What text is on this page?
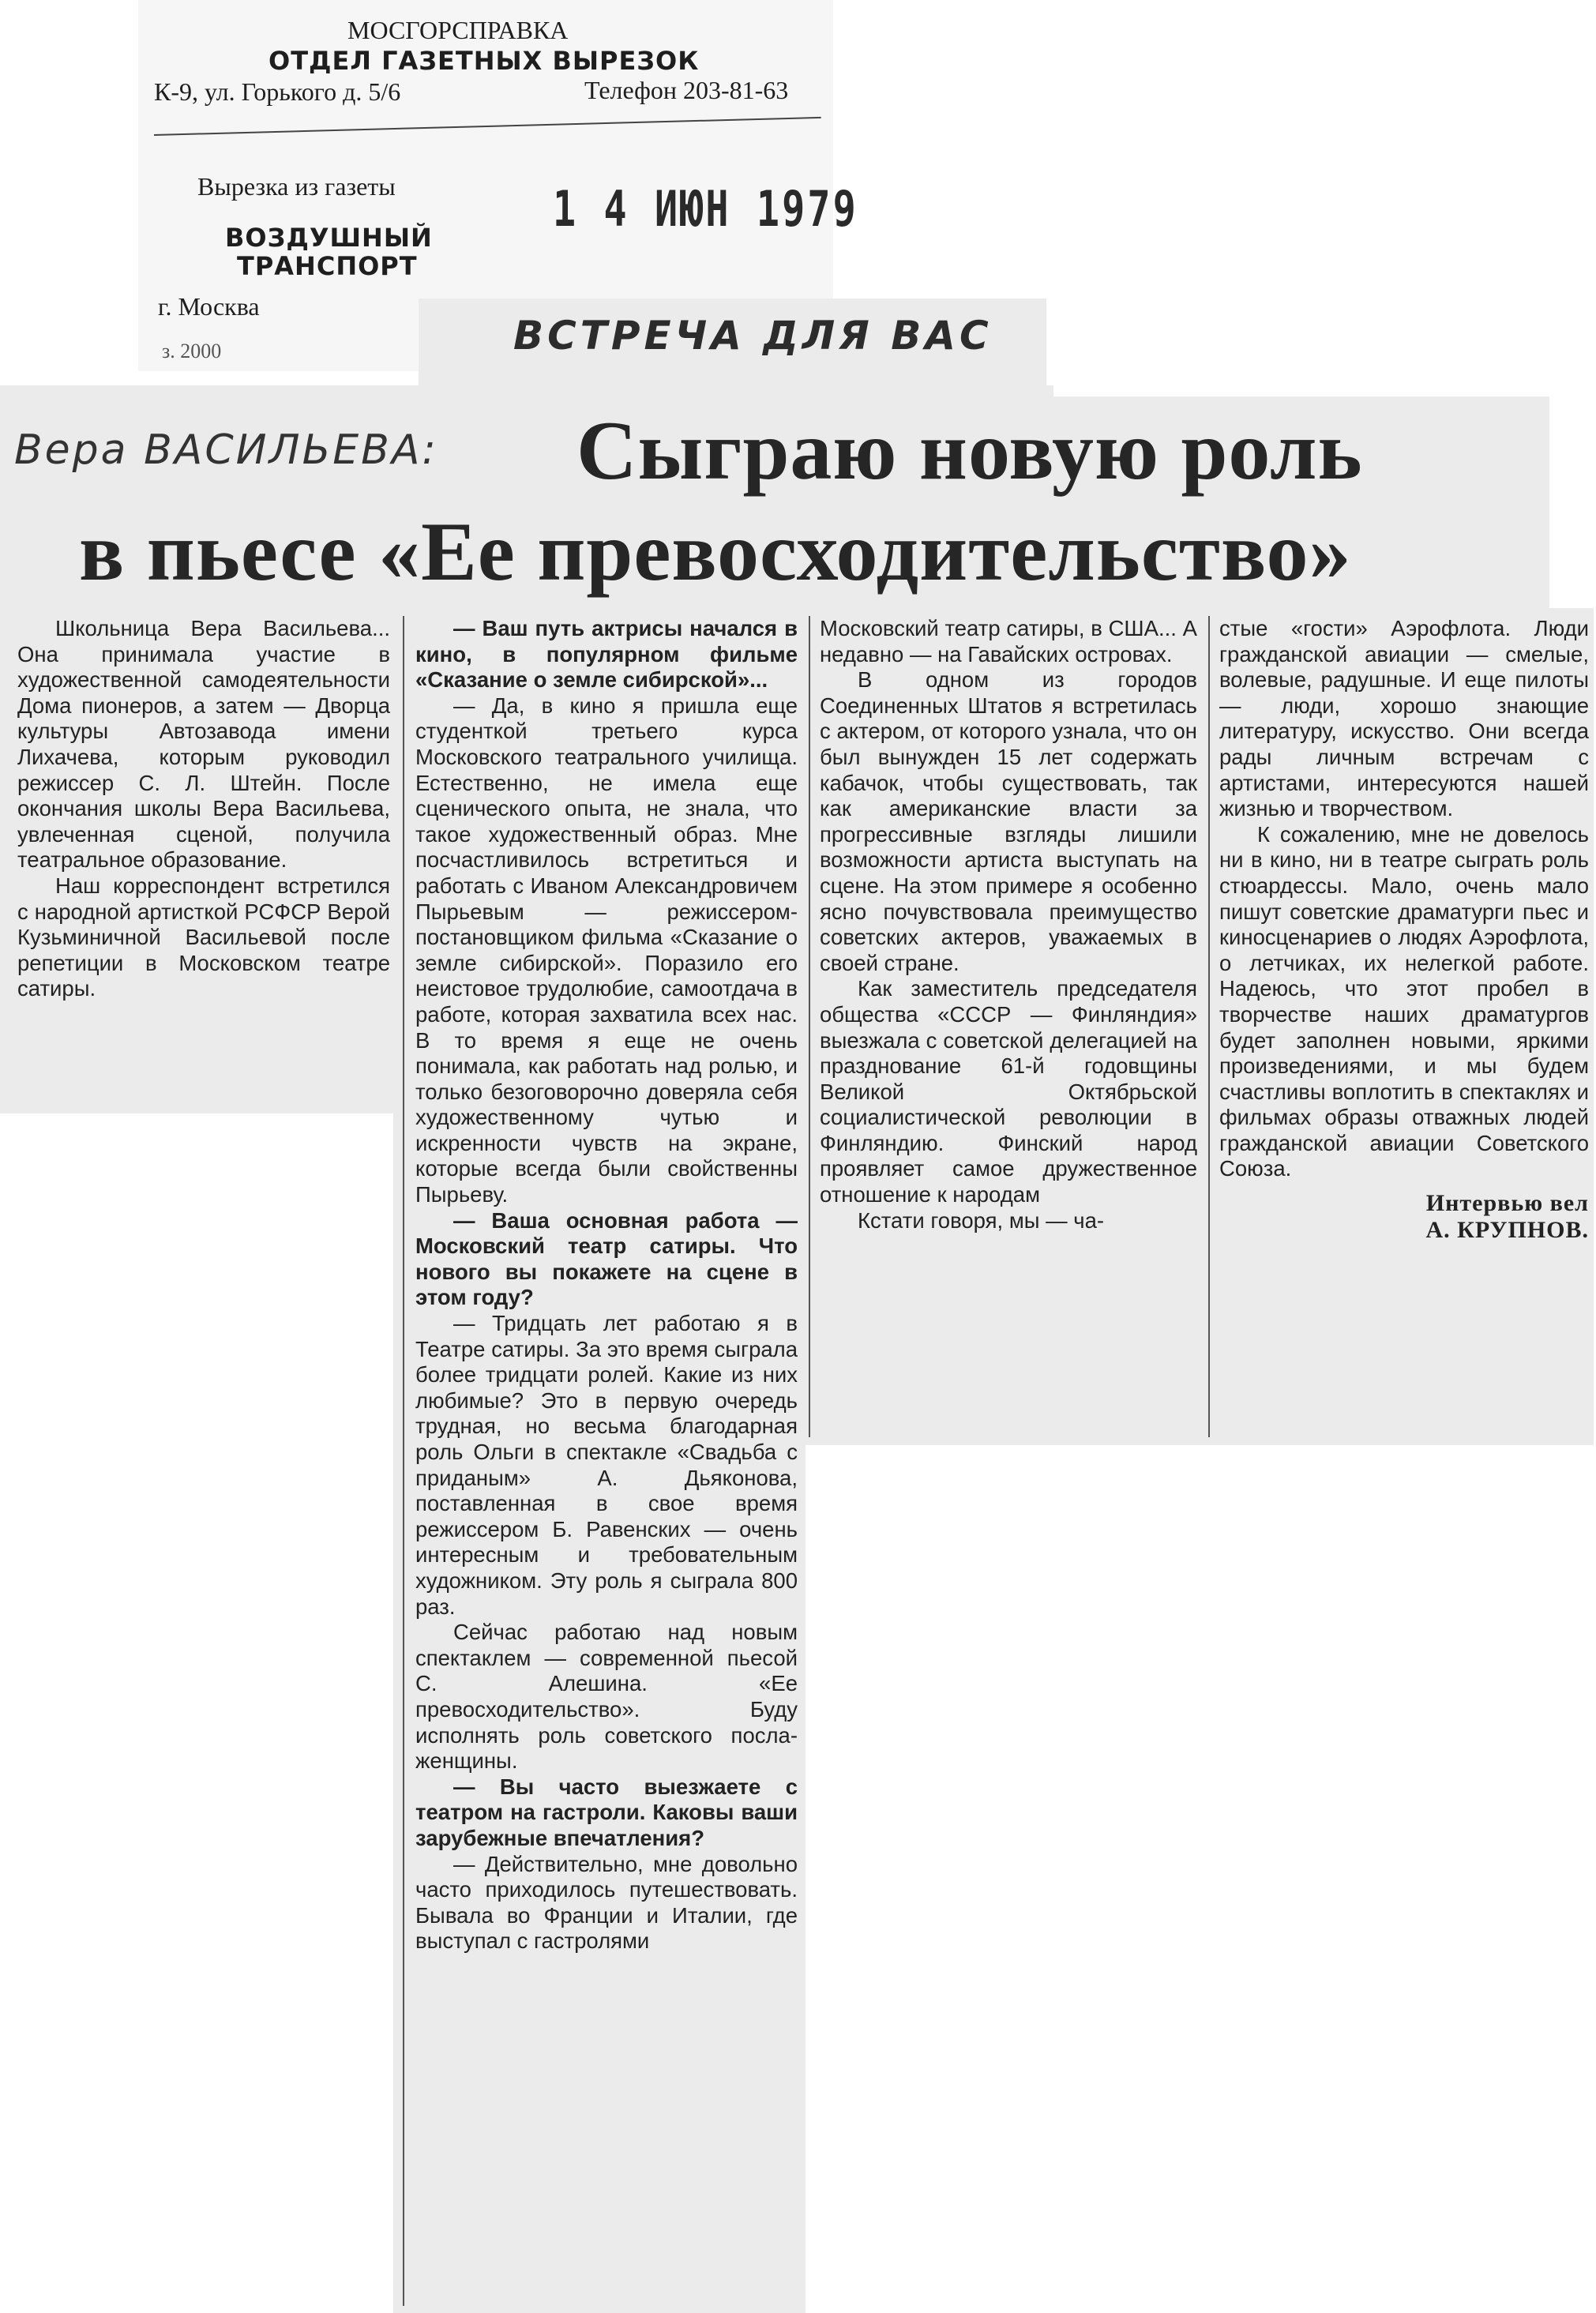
МОСГОРСПРАВКА
ОТДЕЛ ГАЗЕТНЫХ ВЫРЕЗОК
К-9, ул. Горького д. 5/6	Телефон 203-81-63
Вырезка из газеты
ВОЗДУШНЫЙ
ТРАНСПОРТ
г. Москва
з. 2000
1 4 ИЮН 1979
ВСТРЕЧА ДЛЯ ВАС
Вера ВАСИЛЬЕВА: Сыграю новую роль
в пьесе «Ее превосходительство»

Школьница Вера Васильева... Она принимала участие в художественной самодеятельности Дома пионеров, а затем — Дворца культуры Автозавода имени Лихачева, которым руководил режиссер С. Л. Штейн. После окончания школы Вера Васильева, увлеченная сценой, получила театральное образование.

Наш корреспондент встретился с народной артисткой РСФСР Верой Кузьминичной Васильевой после репетиции в Московском театре сатиры.

— Ваш путь актрисы начался в кино, в популярном фильме «Сказание о земле сибирской»...

— Да, в кино я пришла еще студенткой третьего курса Московского театрального училища. Естественно, не имела еще сценического опыта, не знала, что такое художественный образ. Мне посчастливилось встретиться и работать с Иваном Александровичем Пырьевым — режиссером-постановщиком фильма «Сказание о земле сибирской». Поразило его неистовое трудолюбие, самоотдача в работе, которая захватила всех нас. В то время я еще не очень понимала, как работать над ролью, и только безоговорочно доверяла себя художественному чутью и искренности чувств на экране, которые всегда были свойственны Пырьеву.

— Ваша основная работа — Московский театр сатиры. Что нового вы покажете на сцене в этом году?

— Тридцать лет работаю я в Театре сатиры. За это время сыграла более тридцати ролей. Какие из них любимые? Это в первую очередь трудная, но весьма благодарная роль Ольги в спектакле «Свадьба с приданым» А. Дьяконова, поставленная в свое время режиссером Б. Равенских — очень интересным и требовательным художником. Эту роль я сыграла 800 раз.

Сейчас работаю над новым спектаклем — современной пьесой С. Алешина. «Ее превосходительство». Буду исполнять роль советского посла-женщины.

— Вы часто выезжаете с театром на гастроли. Каковы ваши зарубежные впечатления?

— Действительно, мне довольно часто приходилось путешествовать. Бывала во Франции и Италии, где выступал с гастролями

Московский театр сатиры, в США... А недавно — на Гавайских островах.

В одном из городов Соединенных Штатов я встретилась с актером, от которого узнала, что он был вынужден 15 лет содержать кабачок, чтобы существовать, так как американские власти за прогрессивные взгляды лишили возможности артиста выступать на сцене. На этом примере я особенно ясно почувствовала преимущество советских актеров, уважаемых в своей стране.

Как заместитель председателя общества «СССР — Финляндия» выезжала с советской делегацией на празднование 61-й годовщины Великой Октябрьской социалистической революции в Финляндию. Финский народ проявляет самое дружественное отношение к народам

Кстати говоря, мы — ча-

стые «гости» Аэрофлота. Люди гражданской авиации — смелые, волевые, радушные. И еще пилоты — люди, хорошо знающие литературу, искусство. Они всегда рады личным встречам с артистами, интересуются нашей жизнью и творчеством.

К сожалению, мне не довелось ни в кино, ни в театре сыграть роль стюардессы. Мало, очень мало пишут советские драматурги пьес и киносценариев о людях Аэрофлота, о летчиках, их нелегкой работе. Надеюсь, что этот пробел в творчестве наших драматургов будет заполнен новыми, яркими произведениями, и мы будем счастливы воплотить в спектаклях и фильмах образы отважных людей гражданской авиации Советского Союза.

Интервью вел
А. КРУПНОВ.
